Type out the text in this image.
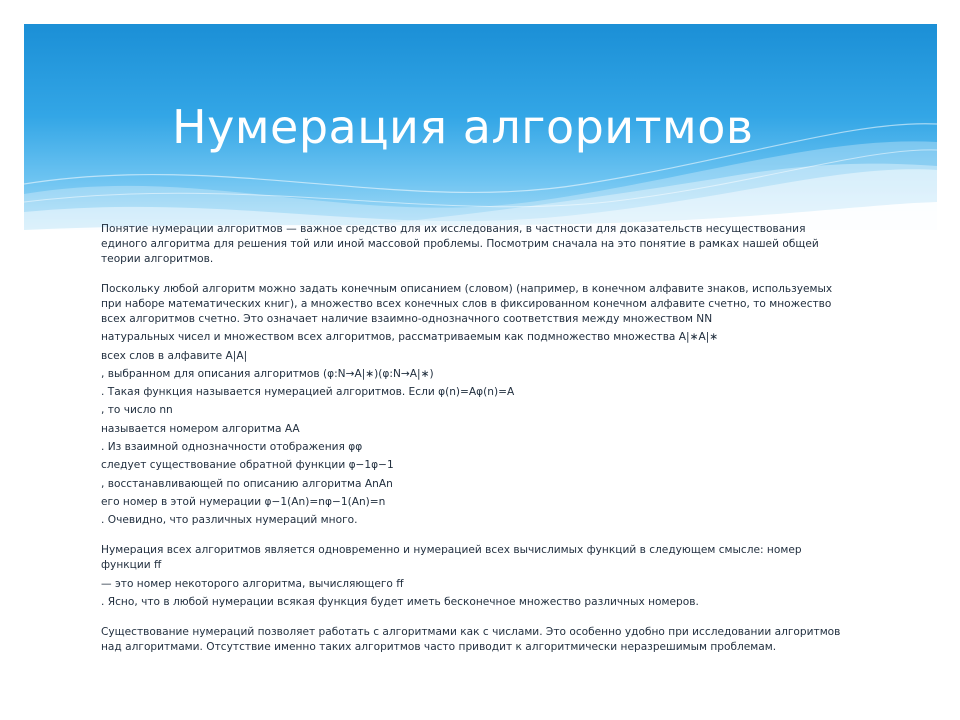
Нумерация алгоритмов

Понятие нумерации алгоритмов — важное средство для их исследования, в частности для доказательств несуществования
единого алгоритма для решения той или иной массовой проблемы. Посмотрим сначала на это понятие в рамках нашей общей
теории алгоритмов.

Поскольку любой алгоритм можно задать конечным описанием (словом) (например, в конечном алфавите знаков, используемых
при наборе математических книг), а множество всех конечных слов в фиксированном конечном алфавите счетно, то множество
всех алгоритмов счетно. Это означает наличие взаимно-однозначного соответствия между множеством NN
натуральных чисел и множеством всех алгоритмов, рассматриваемым как подмножество множества A|∗A|∗
всех слов в алфавите A|A|
, выбранном для описания алгоритмов (φ:N→A|∗)(φ:N→A|∗)
. Такая функция называется нумерацией алгоритмов. Если φ(n)=Aφ(n)=A
, то число nn
называется номером алгоритма AA
. Из взаимной однозначности отображения φφ
следует существование обратной функции φ−1φ−1
, восстанавливающей по описанию алгоритма AnAn
его номер в этой нумерации φ−1(An)=nφ−1(An)=n
. Очевидно, что различных нумераций много.

Нумерация всех алгоритмов является одновременно и нумерацией всех вычислимых функций в следующем смысле: номер
функции ff
— это номер некоторого алгоритма, вычисляющего ff
. Ясно, что в любой нумерации всякая функция будет иметь бесконечное множество различных номеров.

Существование нумераций позволяет работать с алгоритмами как с числами. Это особенно удобно при исследовании алгоритмов
над алгоритмами. Отсутствие именно таких алгоритмов часто приводит к алгоритмически неразрешимым проблемам.
